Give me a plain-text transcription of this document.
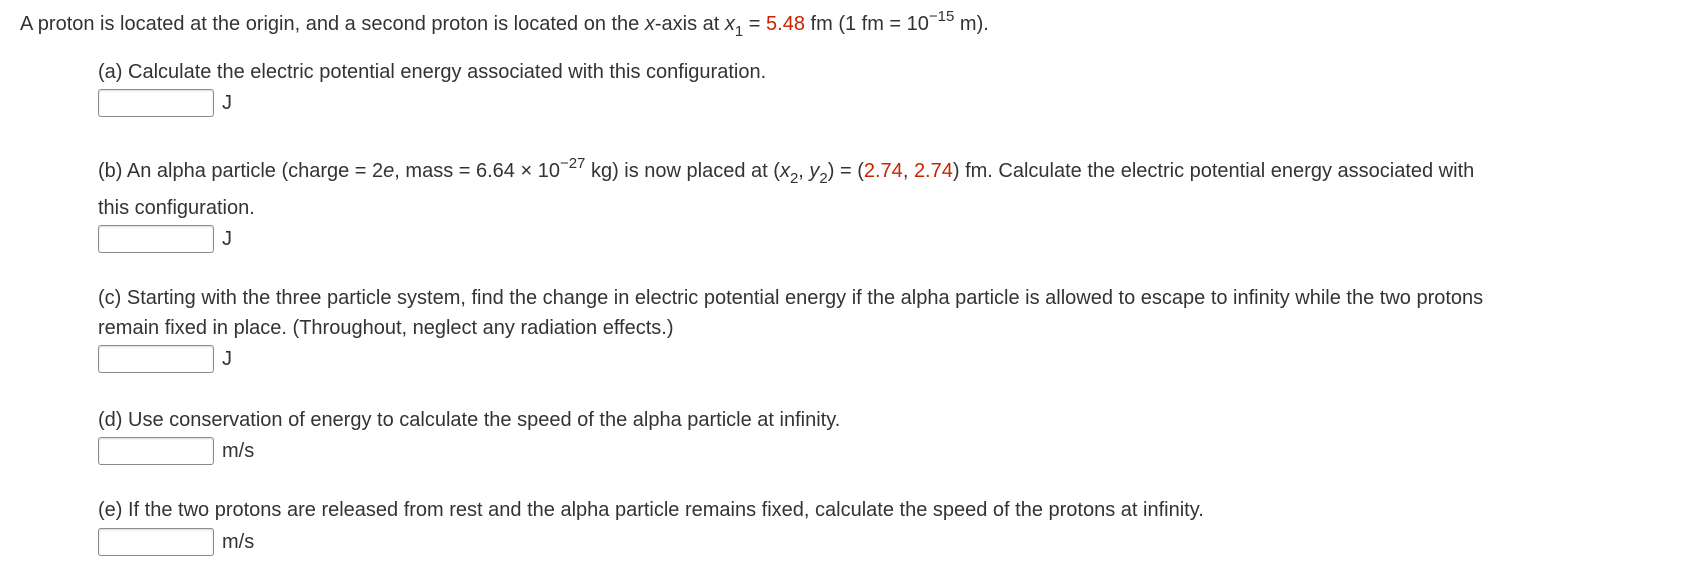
A proton is located at the origin, and a second proton is located on the x-axis at $x_1 = 5.48$ fm (1 fm = $10^{-15}$ m).
(a) Calculate the electric potential energy associated with this configuration.
J
(b) An alpha particle (charge = 2e, mass = $6.64 \times 10^{-27}$ kg) is now placed at ($x_2$, $y_2) = (2.74$, 2.74) fm. Calculate the electric potential energy associated with
this configuration.
J
(c) Starting with the three particle system, find the change in electric potential energy if the alpha particle is allowed to escape to infinity while the two protons
remain fixed in place. (Throughout, neglect any radiation effects.)
J
(d) Use conservation of energy to calculate the speed of the alpha particle at infinity.
m/s
(e) If the two protons are released from rest and the alpha particle remains fixed, calculate the speed of the protons at infinity.
m/s
